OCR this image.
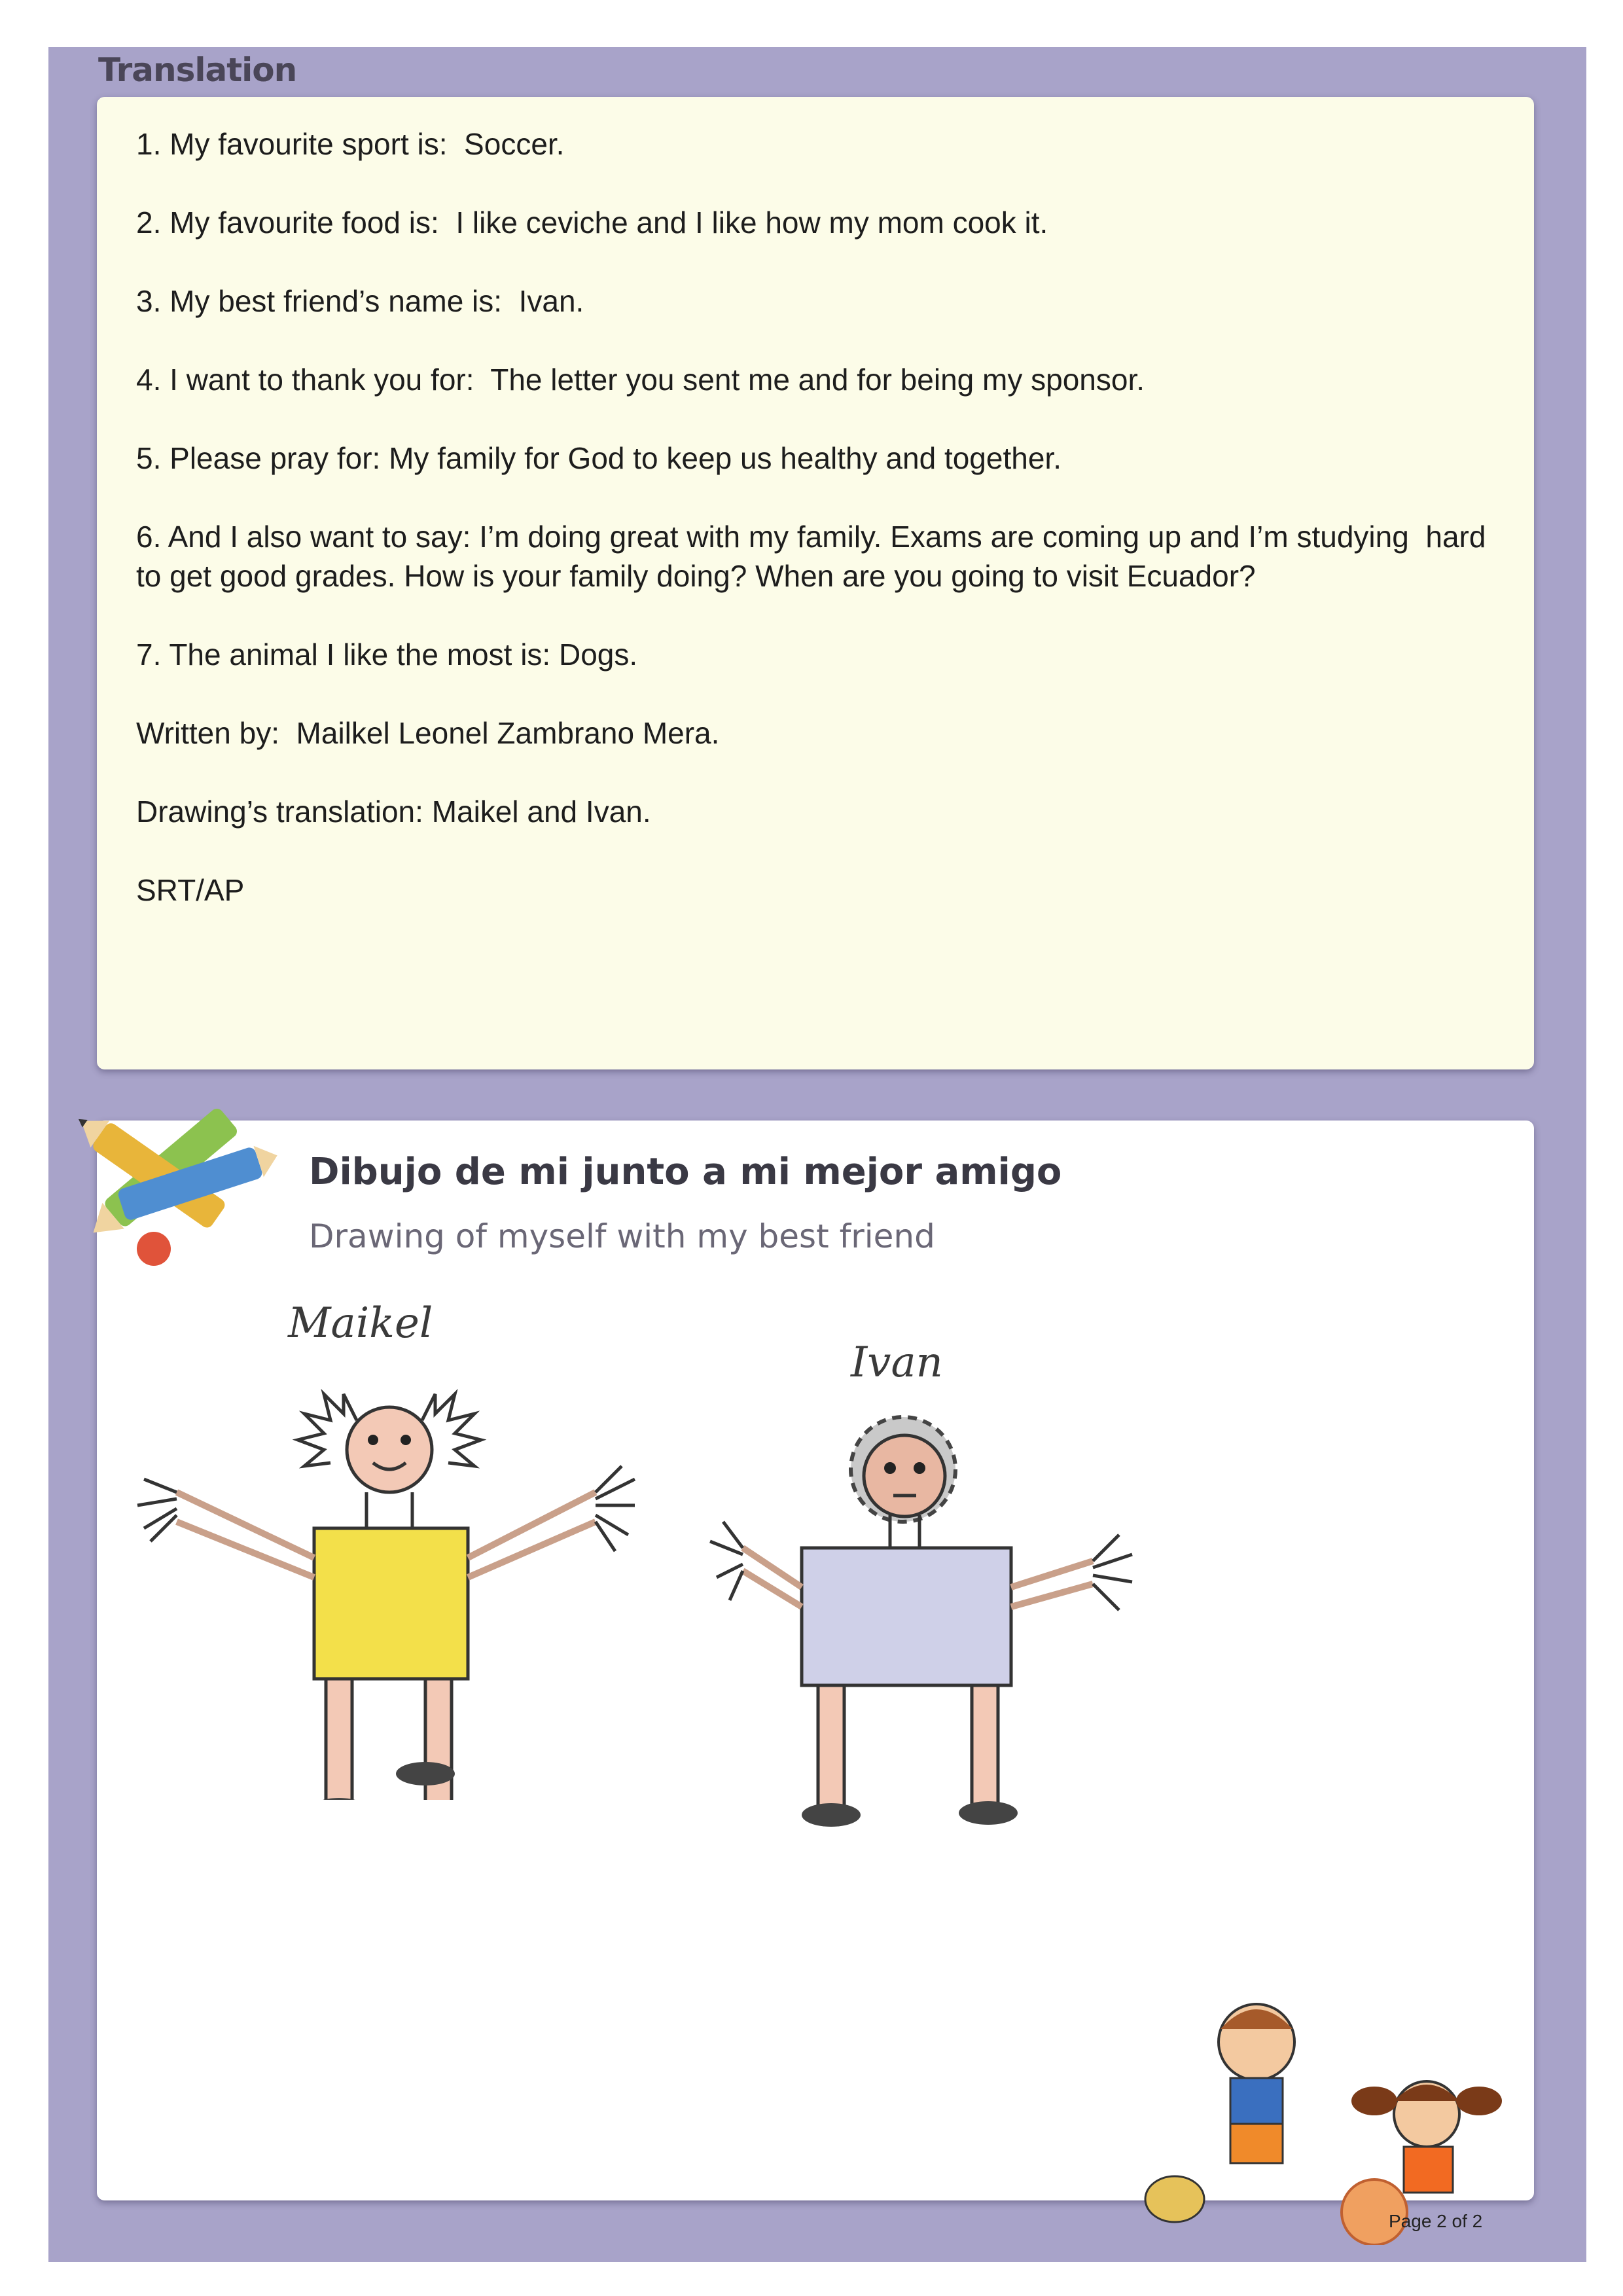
Translation

1. My favourite sport is:  Soccer.

2. My favourite food is:  I like ceviche and I like how my mom cook it.

3. My best friend’s name is:  Ivan.

4. I want to thank you for:  The letter you sent me and for being my sponsor.

5. Please pray for: My family for God to keep us healthy and together.

6. And I also want to say: I’m doing great with my family. Exams are coming up and I’m studying  hard to get good grades. How is your family doing? When are you going to visit Ecuador?

7. The animal I like the most is: Dogs.

Written by:  Mailkel Leonel Zambrano Mera.

Drawing’s translation: Maikel and Ivan.

SRT/AP

Dibujo de mi junto a mi mejor amigo
Drawing of myself with my best friend
Maikel
Ivan
Page 2 of 2
